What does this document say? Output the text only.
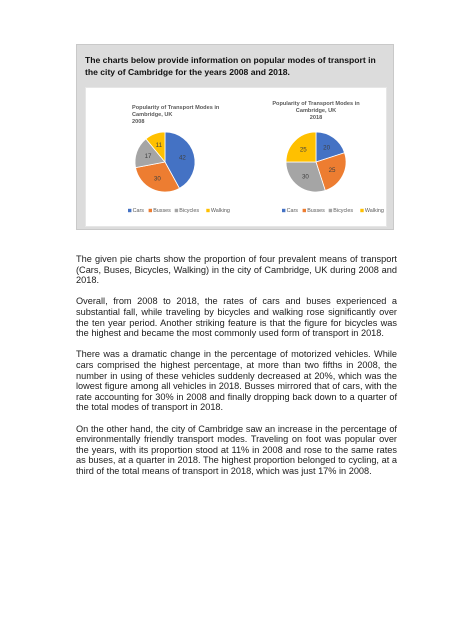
The charts below provide information on popular modes of transport in the city of Cambridge for the years 2008 and 2018.
Popularity of Transport Modes in
Cambridge, UK
2008
42
30
17
11
Cars Busses Bicycles Walking
Popularity of Transport Modes in
Cambridge, UK
2018
20
25
30
25
Cars Busses Bicycles Walking

The given pie charts show the proportion of four prevalent means of transport (Cars, Buses, Bicycles, Walking) in the city of Cambridge, UK during 2008 and 2018.

Overall, from 2008 to 2018, the rates of cars and buses experienced a substantial fall, while traveling by bicycles and walking rose significantly over the ten year period. Another striking feature is that the figure for bicycles was the highest and became the most commonly used form of transport in 2018.

There was a dramatic change in the percentage of motorized vehicles. While cars comprised the highest percentage, at more than two fifths in 2008, the number in using of these vehicles suddenly decreased at 20%, which was the lowest figure among all vehicles in 2018. Busses mirrored that of cars, with the rate accounting for 30% in 2008 and finally dropping back down to a quarter of the total modes of transport in 2018.

On the other hand, the city of Cambridge saw an increase in the percentage of environmentally friendly transport modes. Traveling on foot was popular over the years, with its proportion stood at 11% in 2008 and rose to the same rates as buses, at a quarter in 2018. The highest proportion belonged to cycling, at a third of the total means of transport in 2018, which was just 17% in 2008.
